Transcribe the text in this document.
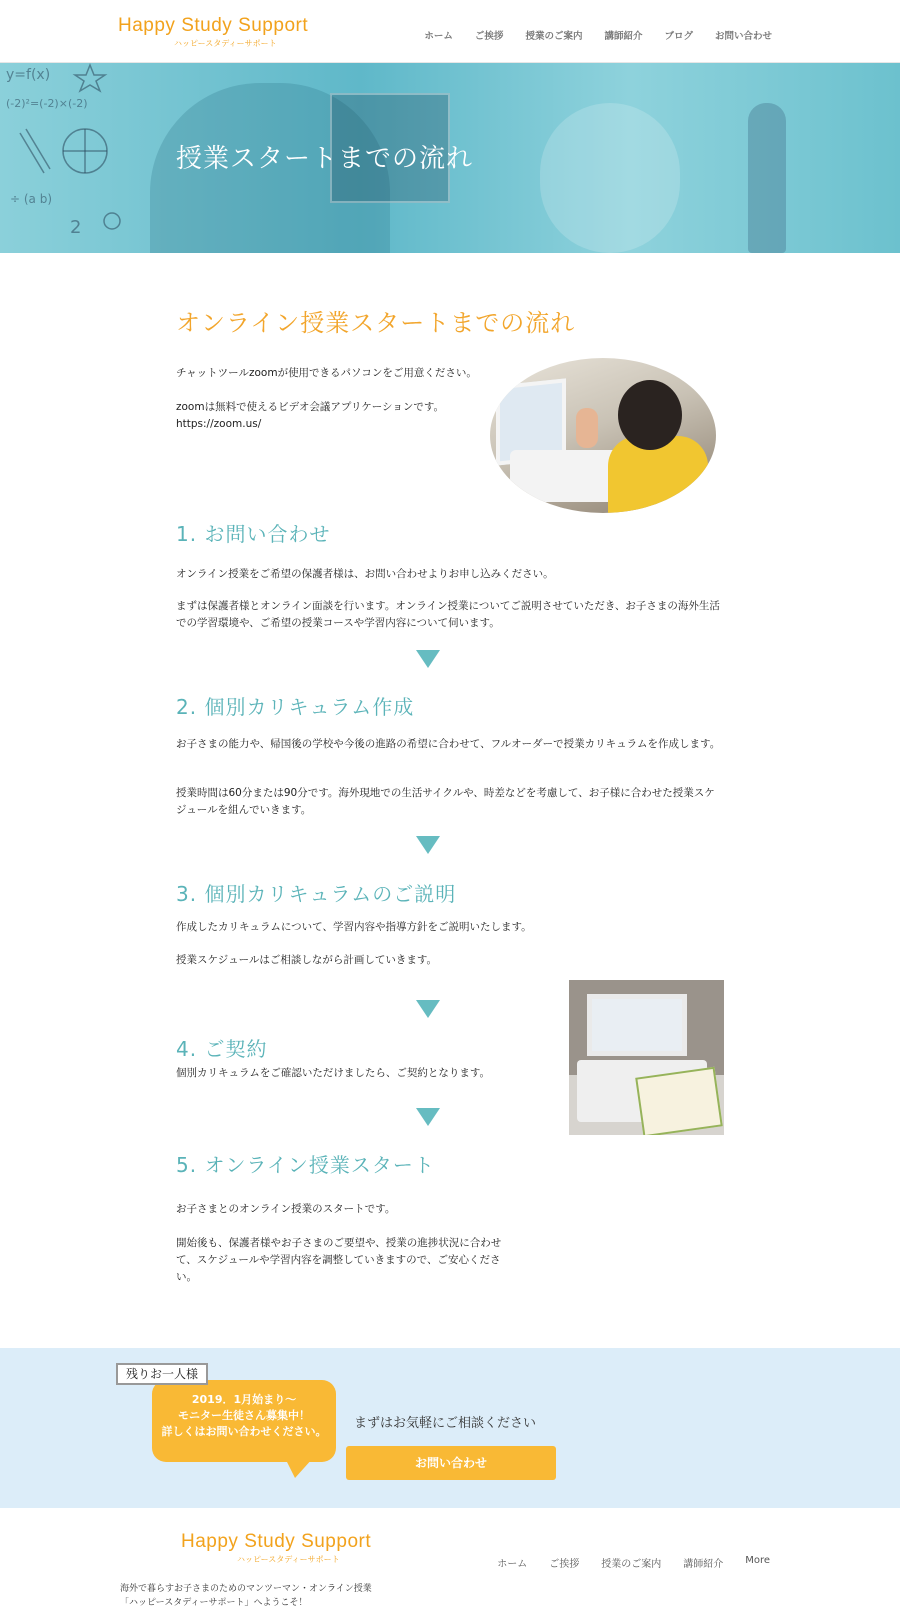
Happy Study Support
ハッピースタディーサポート
ホーム ご挨拶 授業のご案内 講師紹介 ブログ お問い合わせ
y=f(x)
(-2)²=(-2)×(-2)
÷ (a b)
2
授業スタートまでの流れ
オンライン授業スタートまでの流れ
チャットツールzoomが使用できるパソコンをご用意ください。
zoomは無料で使えるビデオ会議アプリケーションです。
https://zoom.us/
1. お問い合わせ
オンライン授業をご希望の保護者様は、お問い合わせよりお申し込みください。
まずは保護者様とオンライン面談を行います。オンライン授業についてご説明させていただき、お子さまの海外生活での学習環境や、ご希望の授業コースや学習内容について伺います。
2. 個別カリキュラム作成
お子さまの能力や、帰国後の学校や今後の進路の希望に合わせて、フルオーダーで授業カリキュラムを作成します。
授業時間は60分または90分です。海外現地での生活サイクルや、時差などを考慮して、お子様に合わせた授業スケジュールを組んでいきます。
3. 個別カリキュラムのご説明
作成したカリキュラムについて、学習内容や指導方針をご説明いたします。
授業スケジュールはご相談しながら計画していきます。
4. ご契約
個別カリキュラムをご確認いただけましたら、ご契約となります。
5. オンライン授業スタート
お子さまとのオンライン授業のスタートです。
開始後も、保護者様やお子さまのご要望や、授業の進捗状況に合わせて、スケジュールや学習内容を調整していきますので、ご安心ください。
2019．1月始まり〜
モニター生徒さん募集中！
詳しくはお問い合わせください。
残りお一人様
まずはお気軽にご相談ください
お問い合わせ
Happy Study Support
ハッピースタディーサポート	ホーム ご挨拶 授業のご案内 講師紹介 More
海外で暮らすお子さまのためのマンツーマン・オンライン授業
「ハッピースタディーサポート」へようこそ！
